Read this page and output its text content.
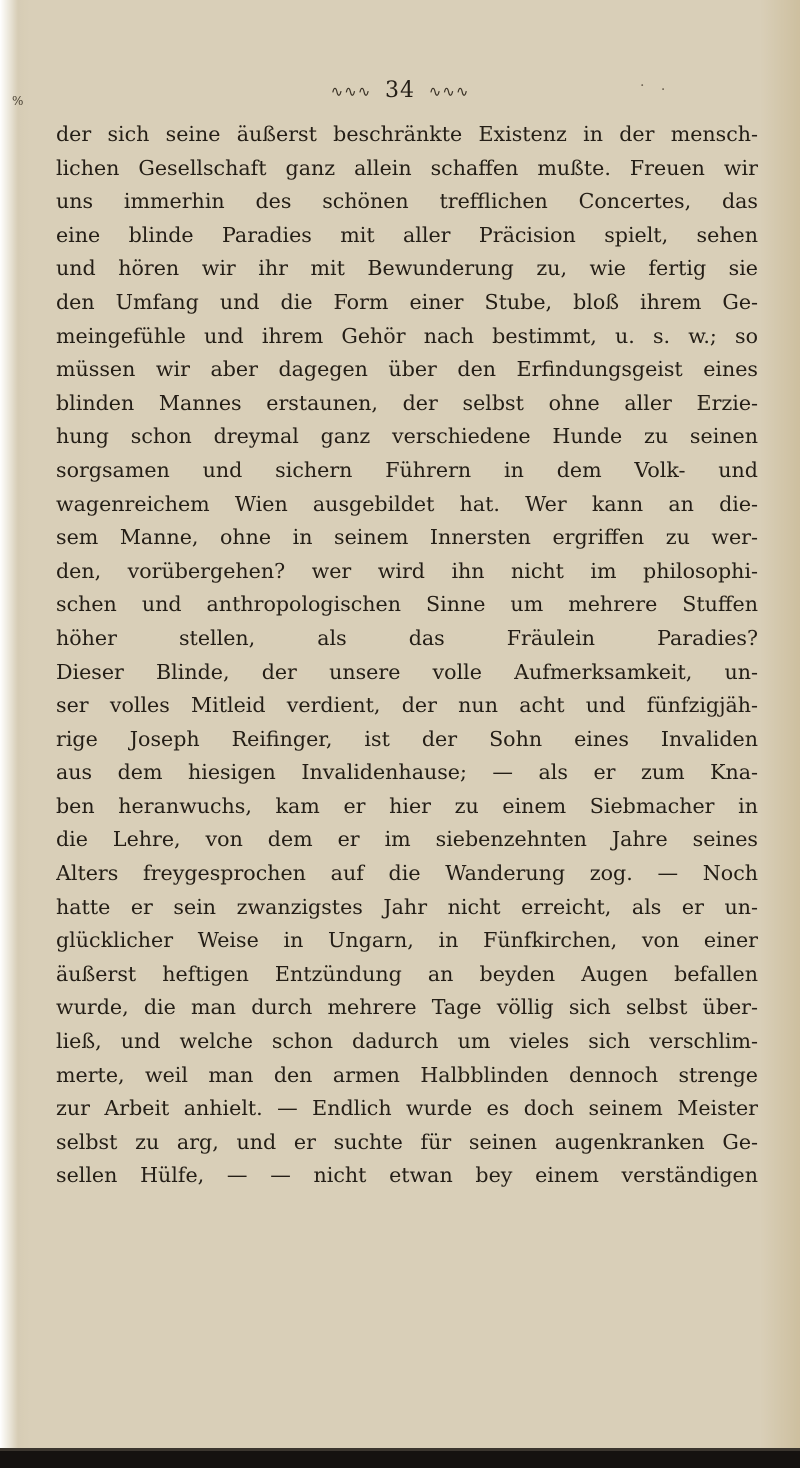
%
∿∿∿ 34 ∿∿∿	· .
der sich seine äußerst beschränkte Existenz in der mensch-
lichen Gesellschaft ganz allein schaffen mußte. Freuen wir
uns immerhin des schönen trefflichen Concertes, das
eine blinde Paradies mit aller Präcision spielt, sehen
und hören wir ihr mit Bewunderung zu, wie fertig sie
den Umfang und die Form einer Stube, bloß ihrem Ge-
meingefühle und ihrem Gehör nach bestimmt, u. s. w.; so
müssen wir aber dagegen über den Erfindungsgeist eines
blinden Mannes erstaunen, der selbst ohne aller Erzie-
hung schon dreymal ganz verschiedene Hunde zu seinen
sorgsamen und sichern Führern in dem Volk- und
wagenreichem Wien ausgebildet hat. Wer kann an die-
sem Manne, ohne in seinem Innersten ergriffen zu wer-
den, vorübergehen? wer wird ihn nicht im philosophi-
schen und anthropologischen Sinne um mehrere Stuffen
höher stellen, als das Fräulein Paradies?
Dieser Blinde, der unsere volle Aufmerksamkeit, un-
ser volles Mitleid verdient, der nun acht und fünfzigjäh-
rige Joseph Reifinger, ist der Sohn eines Invaliden
aus dem hiesigen Invalidenhause; — als er zum Kna-
ben heranwuchs, kam er hier zu einem Siebmacher in
die Lehre, von dem er im siebenzehnten Jahre seines
Alters freygesprochen auf die Wanderung zog. — Noch
hatte er sein zwanzigstes Jahr nicht erreicht, als er un-
glücklicher Weise in Ungarn, in Fünfkirchen, von einer
äußerst heftigen Entzündung an beyden Augen befallen
wurde, die man durch mehrere Tage völlig sich selbst über-
ließ, und welche schon dadurch um vieles sich verschlim-
merte, weil man den armen Halbblinden dennoch strenge
zur Arbeit anhielt. — Endlich wurde es doch seinem Meister
selbst zu arg, und er suchte für seinen augenkranken Ge-
sellen Hülfe, — — nicht etwan bey einem verständigen
